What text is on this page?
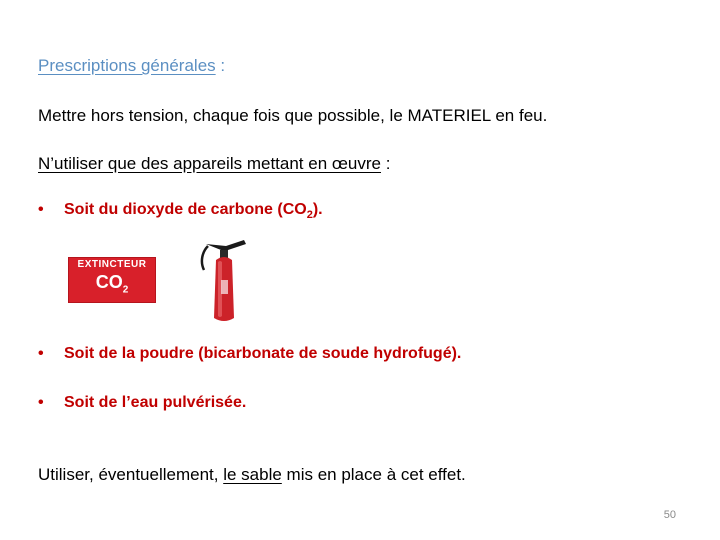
Prescriptions générales :
Mettre hors tension, chaque fois que possible, le MATERIEL en feu.
N’utiliser que des appareils mettant en œuvre :
• Soit du dioxyde de carbone $(CO_2)$.
EXTINCTEUR
$CO_2$
• Soit de la poudre (bicarbonate de soude hydrofugé).
• Soit de l’eau pulvérisée.
Utiliser, éventuellement, le sable mis en place à cet effet.
50
